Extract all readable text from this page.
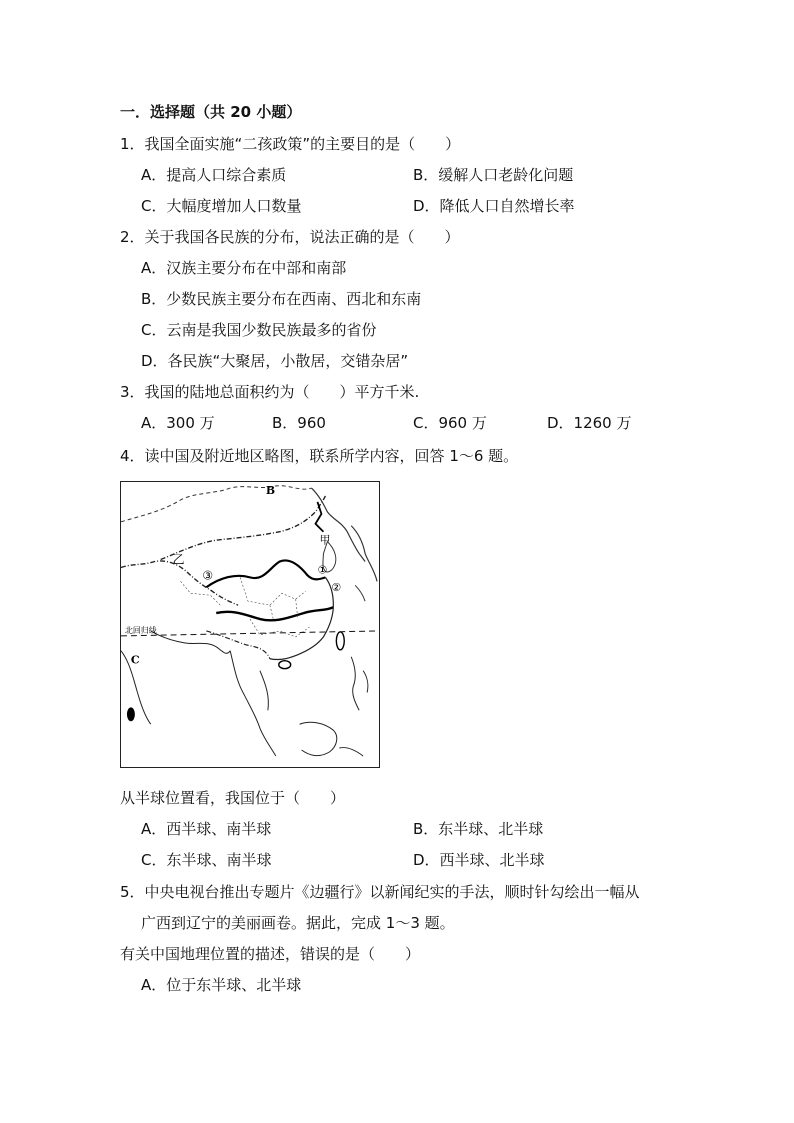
一．选择题（共 20 小题）
1．我国全面实施“二孩政策”的主要目的是（　　）
A．提高人口综合素质	B．缓解人口老龄化问题
C．大幅度增加人口数量	D．降低人口自然增长率
2．关于我国各民族的分布，说法正确的是（　　）
A．汉族主要分布在中部和南部
B．少数民族主要分布在西南、西北和东南
C．云南是我国少数民族最多的省份
D．各民族“大聚居，小散居，交错杂居”
3．我国的陆地总面积约为（　　）平方千米.
A．300 万	B．960	C．960 万	D．1260 万
4．读中国及附近地区略图，联系所学内容，回答 1～6 题。
B
乙
甲
C
北回归线
①
②
③
从半球位置看，我国位于（　　）
A．西半球、南半球	B．东半球、北半球
C．东半球、南半球	D．西半球、北半球
5．中央电视台推出专题片《边疆行》以新闻纪实的手法，顺时针勾绘出一幅从
广西到辽宁的美丽画卷。据此，完成 1～3 题。
有关中国地理位置的描述，错误的是（　　）
A．位于东半球、北半球
